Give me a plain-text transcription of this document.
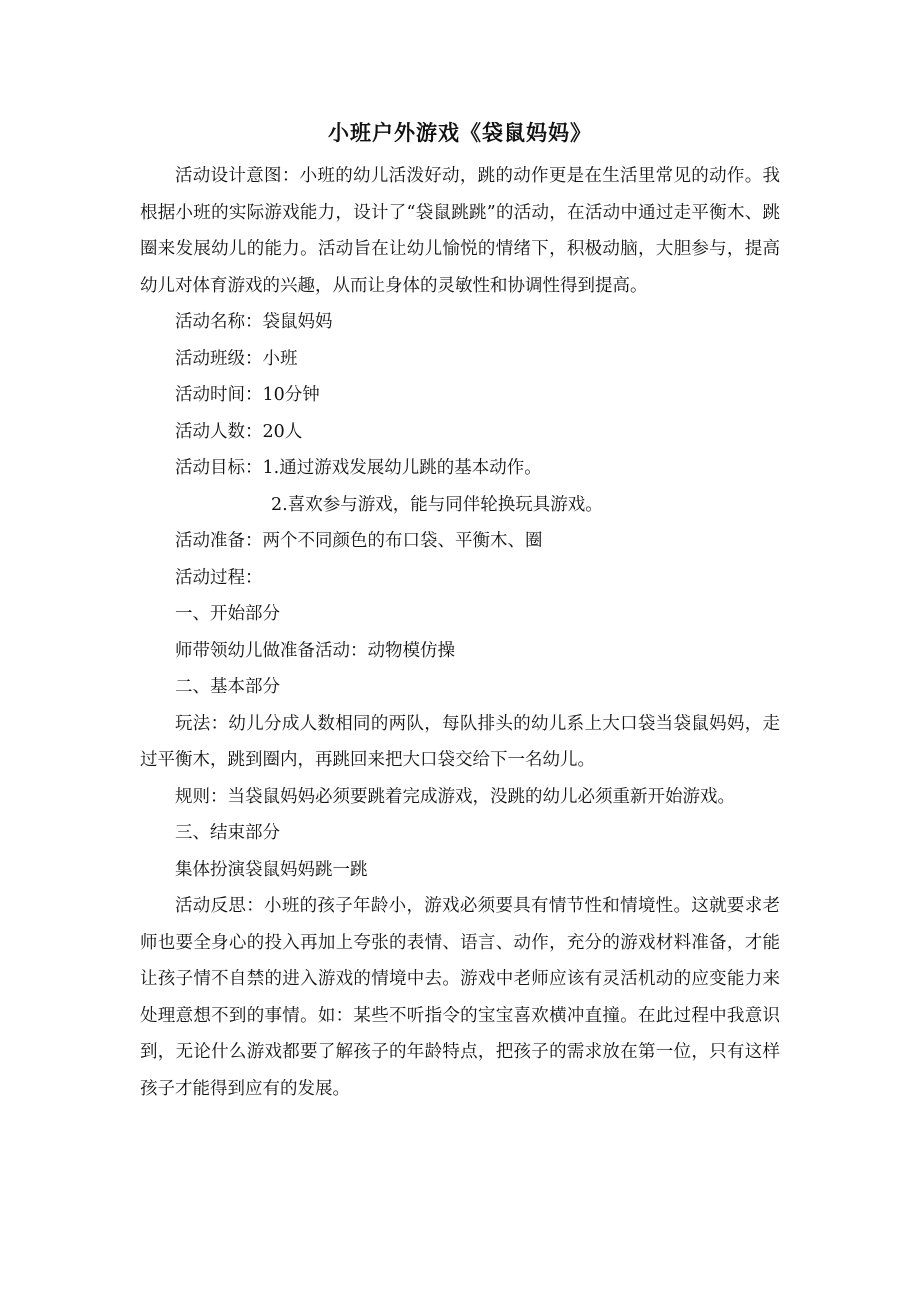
小班户外游戏《袋鼠妈妈》

活动设计意图：小班的幼儿活泼好动，跳的动作更是在生活里常见的动作。我根据小班的实际游戏能力，设计了“袋鼠跳跳”的活动，在活动中通过走平衡木、跳圈来发展幼儿的能力。活动旨在让幼儿愉悦的情绪下，积极动脑，大胆参与，提高幼儿对体育游戏的兴趣，从而让身体的灵敏性和协调性得到提高。

活动名称：袋鼠妈妈

活动班级：小班

活动时间：10分钟

活动人数：20人

活动目标：1.通过游戏发展幼儿跳的基本动作。

2.喜欢参与游戏，能与同伴轮换玩具游戏。

活动准备：两个不同颜色的布口袋、平衡木、圈

活动过程：

一、开始部分

师带领幼儿做准备活动：动物模仿操

二、基本部分

玩法：幼儿分成人数相同的两队，每队排头的幼儿系上大口袋当袋鼠妈妈，走过平衡木，跳到圈内，再跳回来把大口袋交给下一名幼儿。

规则：当袋鼠妈妈必须要跳着完成游戏，没跳的幼儿必须重新开始游戏。

三、结束部分

集体扮演袋鼠妈妈跳一跳

活动反思：小班的孩子年龄小，游戏必须要具有情节性和情境性。这就要求老师也要全身心的投入再加上夸张的表情、语言、动作，充分的游戏材料准备，才能让孩子情不自禁的进入游戏的情境中去。游戏中老师应该有灵活机动的应变能力来处理意想不到的事情。如：某些不听指令的宝宝喜欢横冲直撞。在此过程中我意识到，无论什么游戏都要了解孩子的年龄特点，把孩子的需求放在第一位，只有这样孩子才能得到应有的发展。
